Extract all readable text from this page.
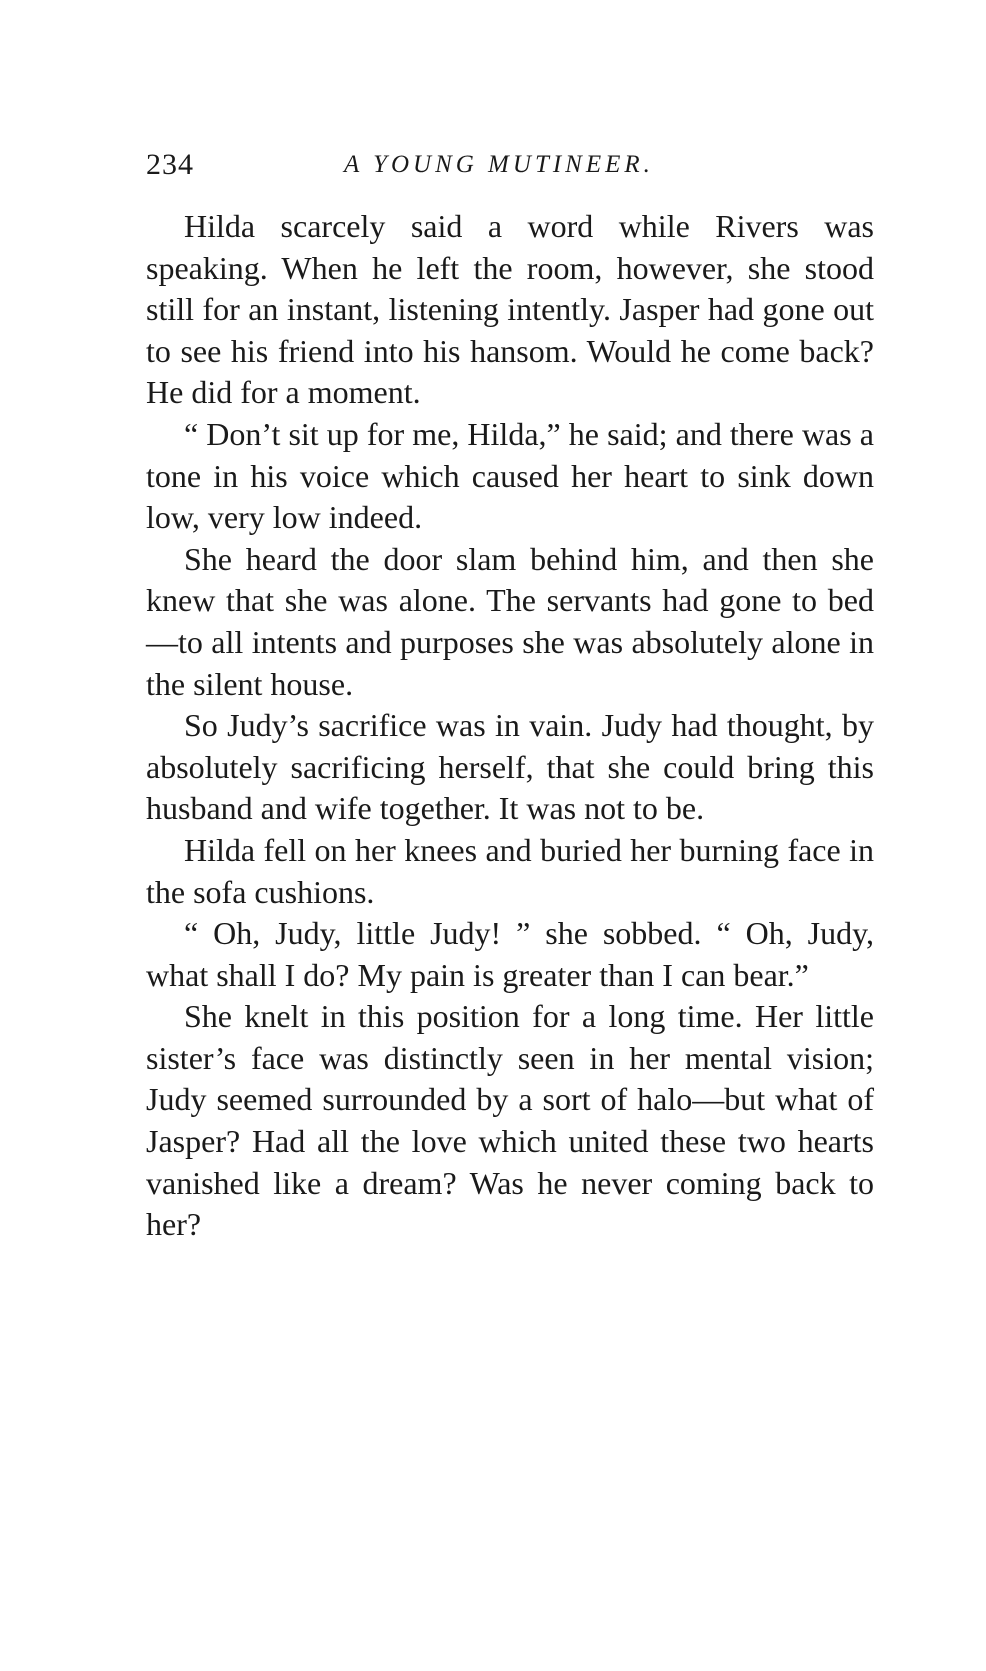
234	A YOUNG MUTINEER.

Hilda scarcely said a word while Rivers was speaking. When he left the room, however, she stood still for an instant, listening intently. Jasper had gone out to see his friend into his hansom. Would he come back? He did for a moment.

“ Don’t sit up for me, Hilda,” he said; and there was a tone in his voice which caused her heart to sink down low, very low indeed.

She heard the door slam behind him, and then she knew that she was alone. The servants had gone to bed—to all intents and purposes she was absolutely alone in the silent house.

So Judy’s sacrifice was in vain. Judy had thought, by absolutely sacrificing herself, that she could bring this husband and wife together. It was not to be.

Hilda fell on her knees and buried her burning face in the sofa cushions.

“ Oh, Judy, little Judy! ” she sobbed. “ Oh, Judy, what shall I do? My pain is greater than I can bear.”

She knelt in this position for a long time. Her little sister’s face was distinctly seen in her mental vision; Judy seemed surrounded by a sort of halo—but what of Jasper? Had all the love which united these two hearts vanished like a dream? Was he never coming back to her?
